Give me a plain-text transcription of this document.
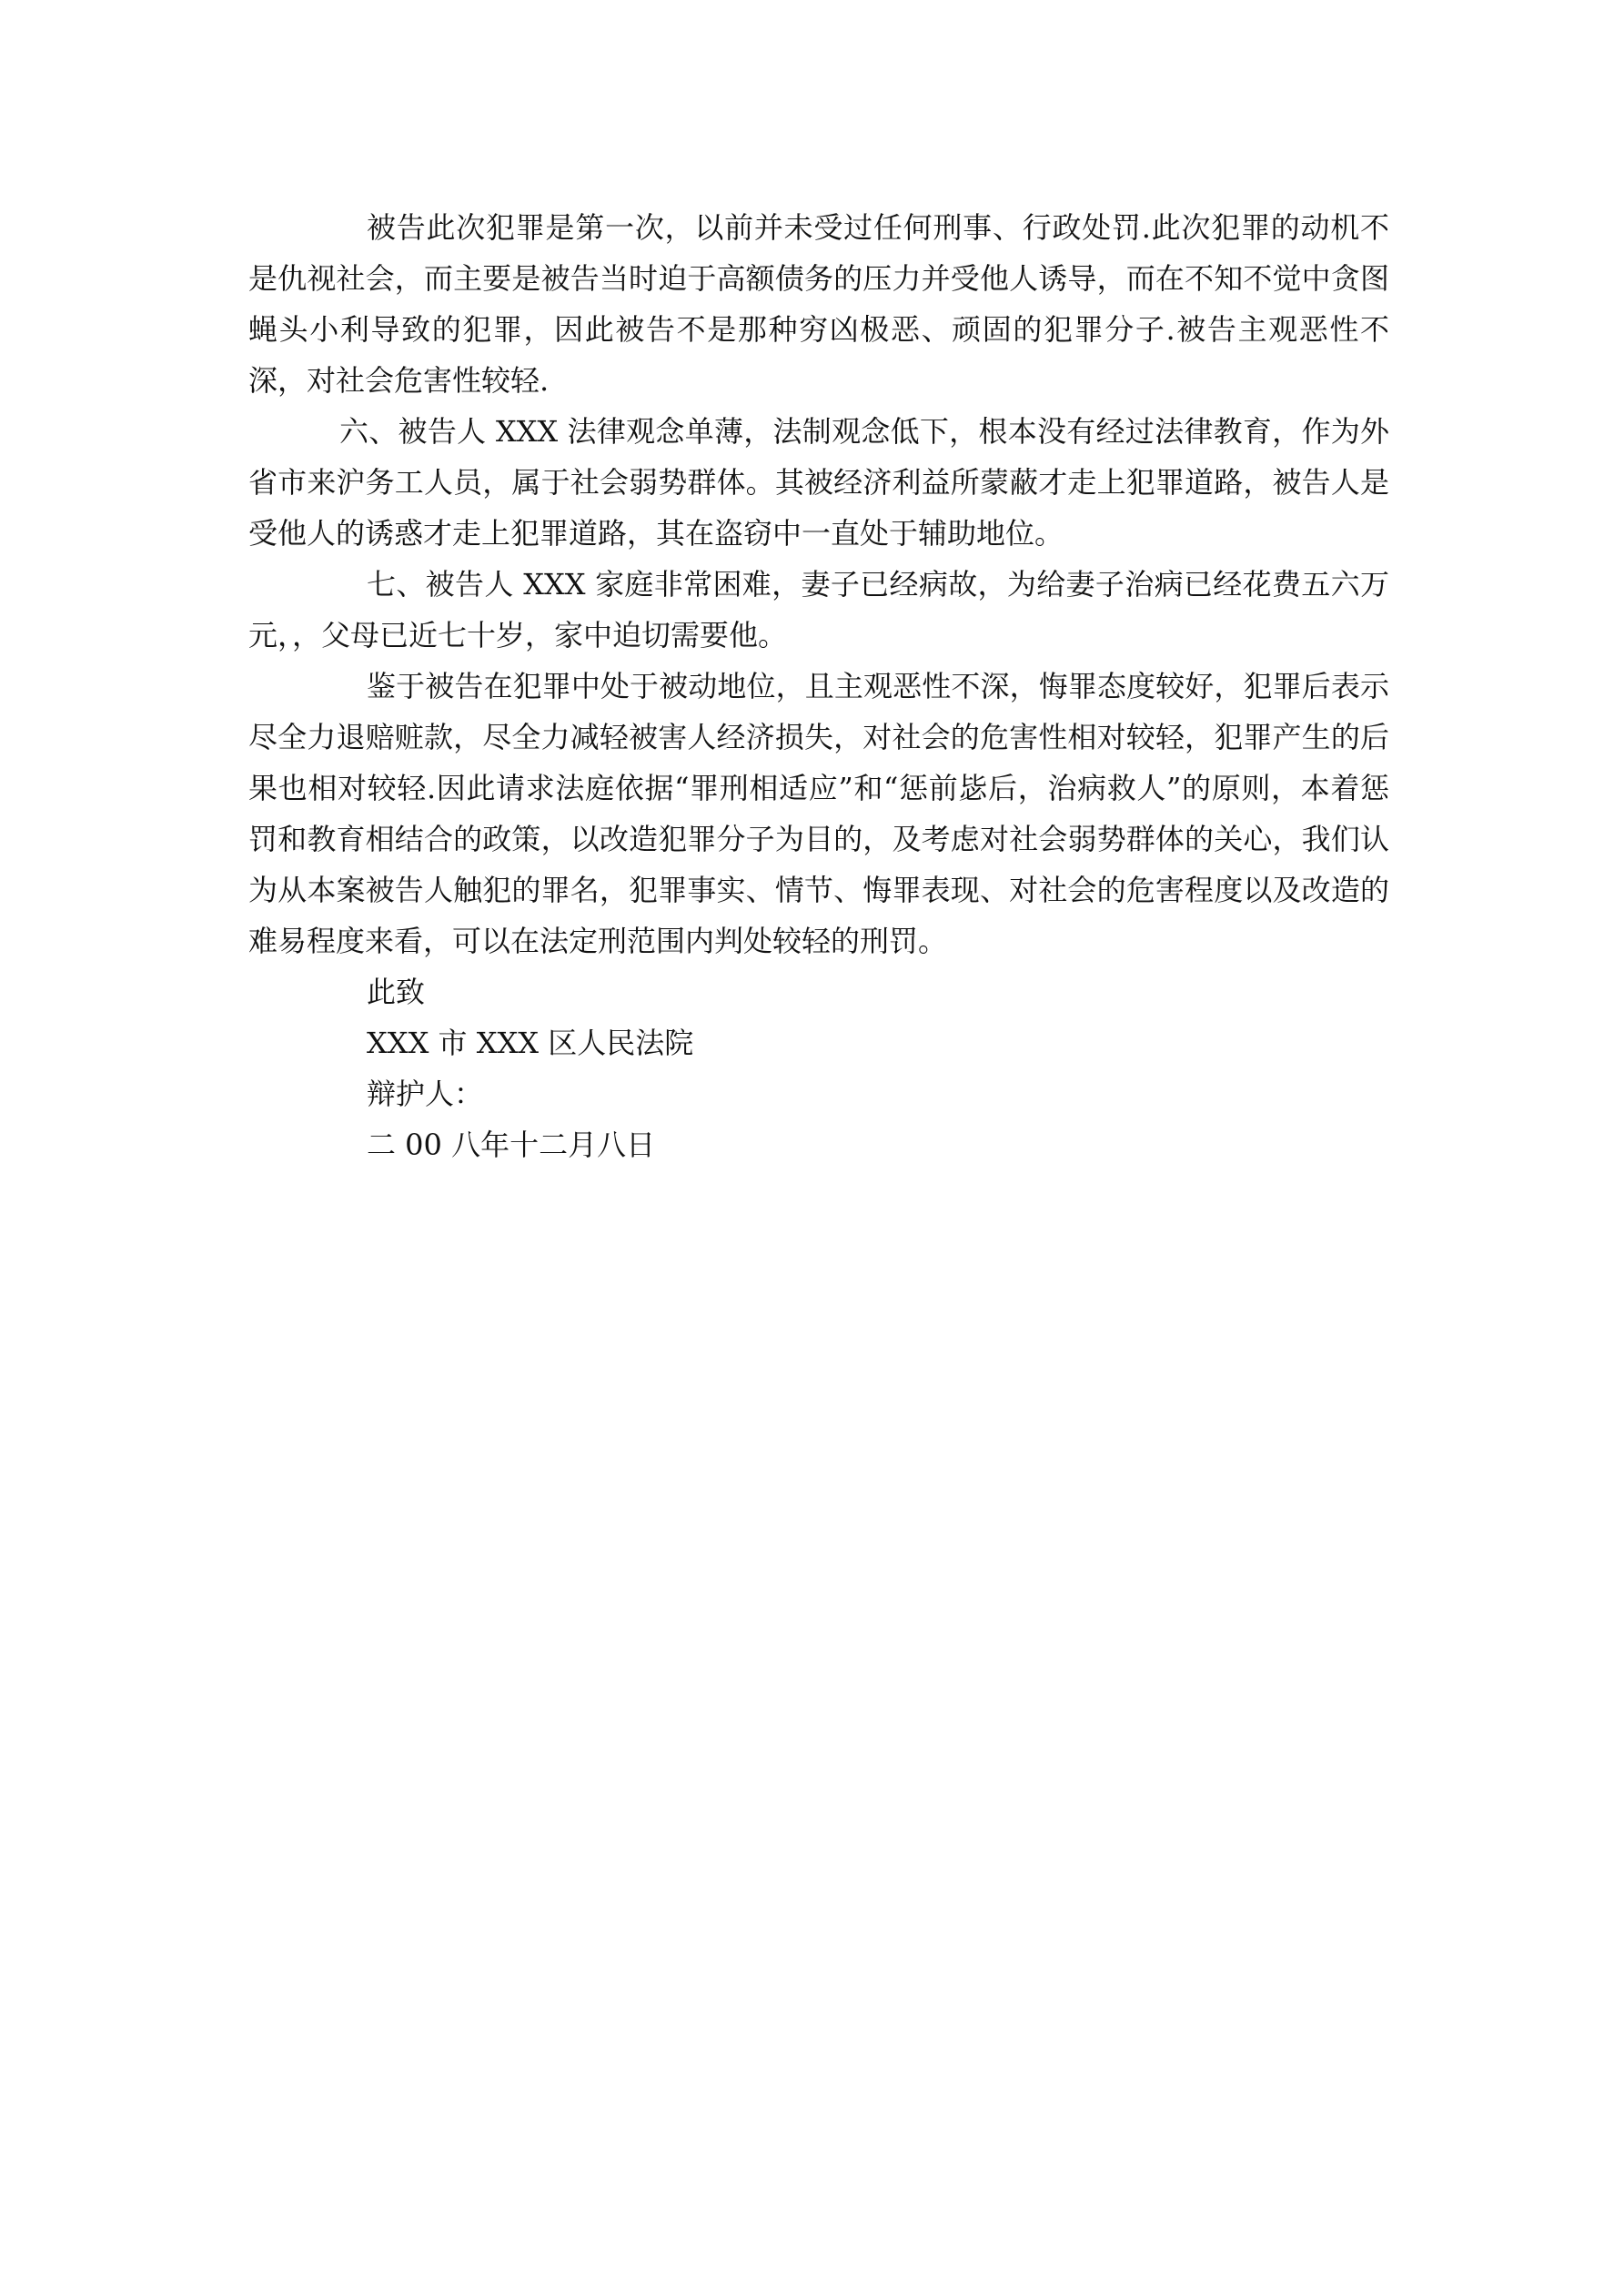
被告此次犯罪是第一次，以前并未受过任何刑事、行政处罚.此次犯罪的动机不是仇视社会，而主要是被告当时迫于高额债务的压力并受他人诱导，而在不知不觉中贪图蝇头小利导致的犯罪，因此被告不是那种穷凶极恶、顽固的犯罪分子.被告主观恶性不深，对社会危害性较轻.

六、被告人 XXX 法律观念单薄，法制观念低下，根本没有经过法律教育，作为外省市来沪务工人员，属于社会弱势群体。其被经济利益所蒙蔽才走上犯罪道路，被告人是受他人的诱惑才走上犯罪道路，其在盗窃中一直处于辅助地位。

七、被告人 XXX 家庭非常困难，妻子已经病故，为给妻子治病已经花费五六万元，，父母已近七十岁，家中迫切需要他。

鉴于被告在犯罪中处于被动地位，且主观恶性不深，悔罪态度较好，犯罪后表示尽全力退赔赃款，尽全力减轻被害人经济损失，对社会的危害性相对较轻，犯罪产生的后果也相对较轻.因此请求法庭依据“罪刑相适应”和“惩前毖后，治病救人”的原则，本着惩罚和教育相结合的政策，以改造犯罪分子为目的，及考虑对社会弱势群体的关心，我们认为从本案被告人触犯的罪名，犯罪事实、情节、悔罪表现、对社会的危害程度以及改造的难易程度来看，可以在法定刑范围内判处较轻的刑罚。

此致

XXX 市 XXX 区人民法院

辩护人：

二 00 八年十二月八日
